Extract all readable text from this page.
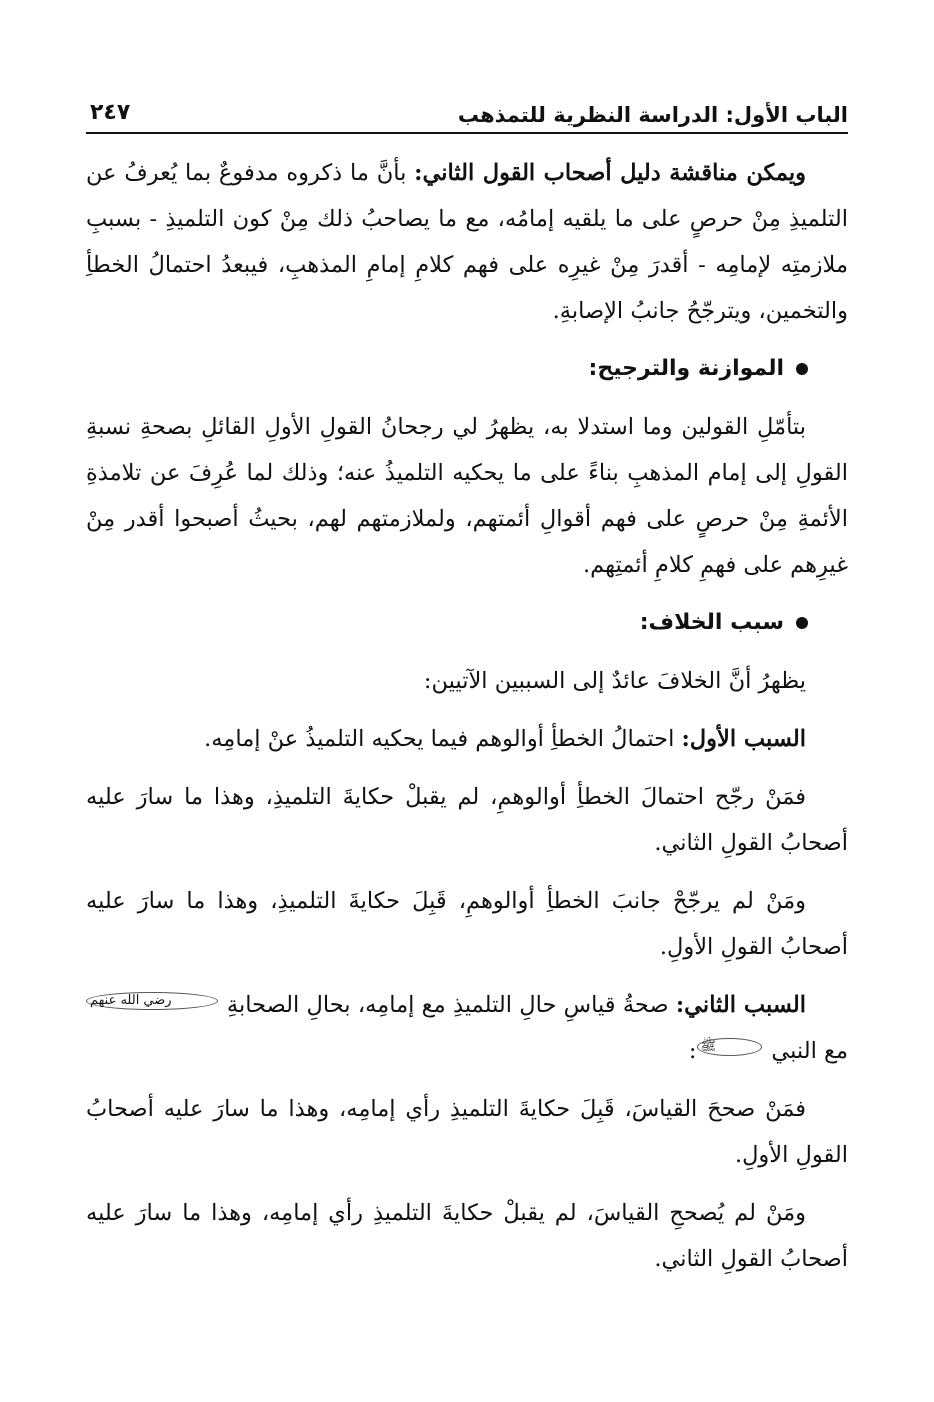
الباب الأول: الدراسة النظرية للتمذهب
٢٤٧

ويمكن مناقشة دليل أصحاب القول الثاني: بأنَّ ما ذكروه مدفوعٌ بما يُعرفُ عن التلميذِ مِنْ حرصٍ على ما يلقيه إمامُه، مع ما يصاحبُ ذلك مِنْ كون التلميذِ - بسببِ ملازمتِه لإمامِه - أقدرَ مِنْ غيرِه على فهم كلامِ إمامِ المذهبِ، فيبعدُ احتمالُ الخطأِ والتخمين، ويترجّحُ جانبُ الإصابةِ.

الموازنة والترجيح:

بتأمّلِ القولين وما استدلا به، يظهرُ لي رجحانُ القولِ الأولِ القائلِ بصحةِ نسبةِ القولِ إلى إمام المذهبِ بناءً على ما يحكيه التلميذُ عنه؛ وذلك لما عُرِفَ عن تلامذةِ الأئمةِ مِنْ حرصٍ على فهم أقوالِ أئمتهم، ولملازمتهم لهم، بحيثُ أصبحوا أقدر مِنْ غيرِهم على فهمِ كلامِ أئمتِهم.

سبب الخلاف:

يظهرُ أنَّ الخلافَ عائدٌ إلى السببين الآتيين:

السبب الأول: احتمالُ الخطأِ أوالوهم فيما يحكيه التلميذُ عنْ إمامِه.

فمَنْ رجّح احتمالَ الخطأِ أوالوهمِ، لم يقبلْ حكايةَ التلميذِ، وهذا ما سارَ عليه أصحابُ القولِ الثاني.

ومَنْ لم يرجّحْ جانبَ الخطأِ أوالوهمِ، قَبِلَ حكايةَ التلميذِ، وهذا ما سارَ عليه أصحابُ القولِ الأولِ.

السبب الثاني: صحةُ قياسِ حالِ التلميذِ مع إمامِه، بحالِ الصحابةِ رضي الله عنهم مع النبي ﷺ:

فمَنْ صححَ القياسَ، قَبِلَ حكايةَ التلميذِ رأي إمامِه، وهذا ما سارَ عليه أصحابُ القولِ الأولِ.

ومَنْ لم يُصححِ القياسَ، لم يقبلْ حكايةَ التلميذِ رأي إمامِه، وهذا ما سارَ عليه أصحابُ القولِ الثاني.
